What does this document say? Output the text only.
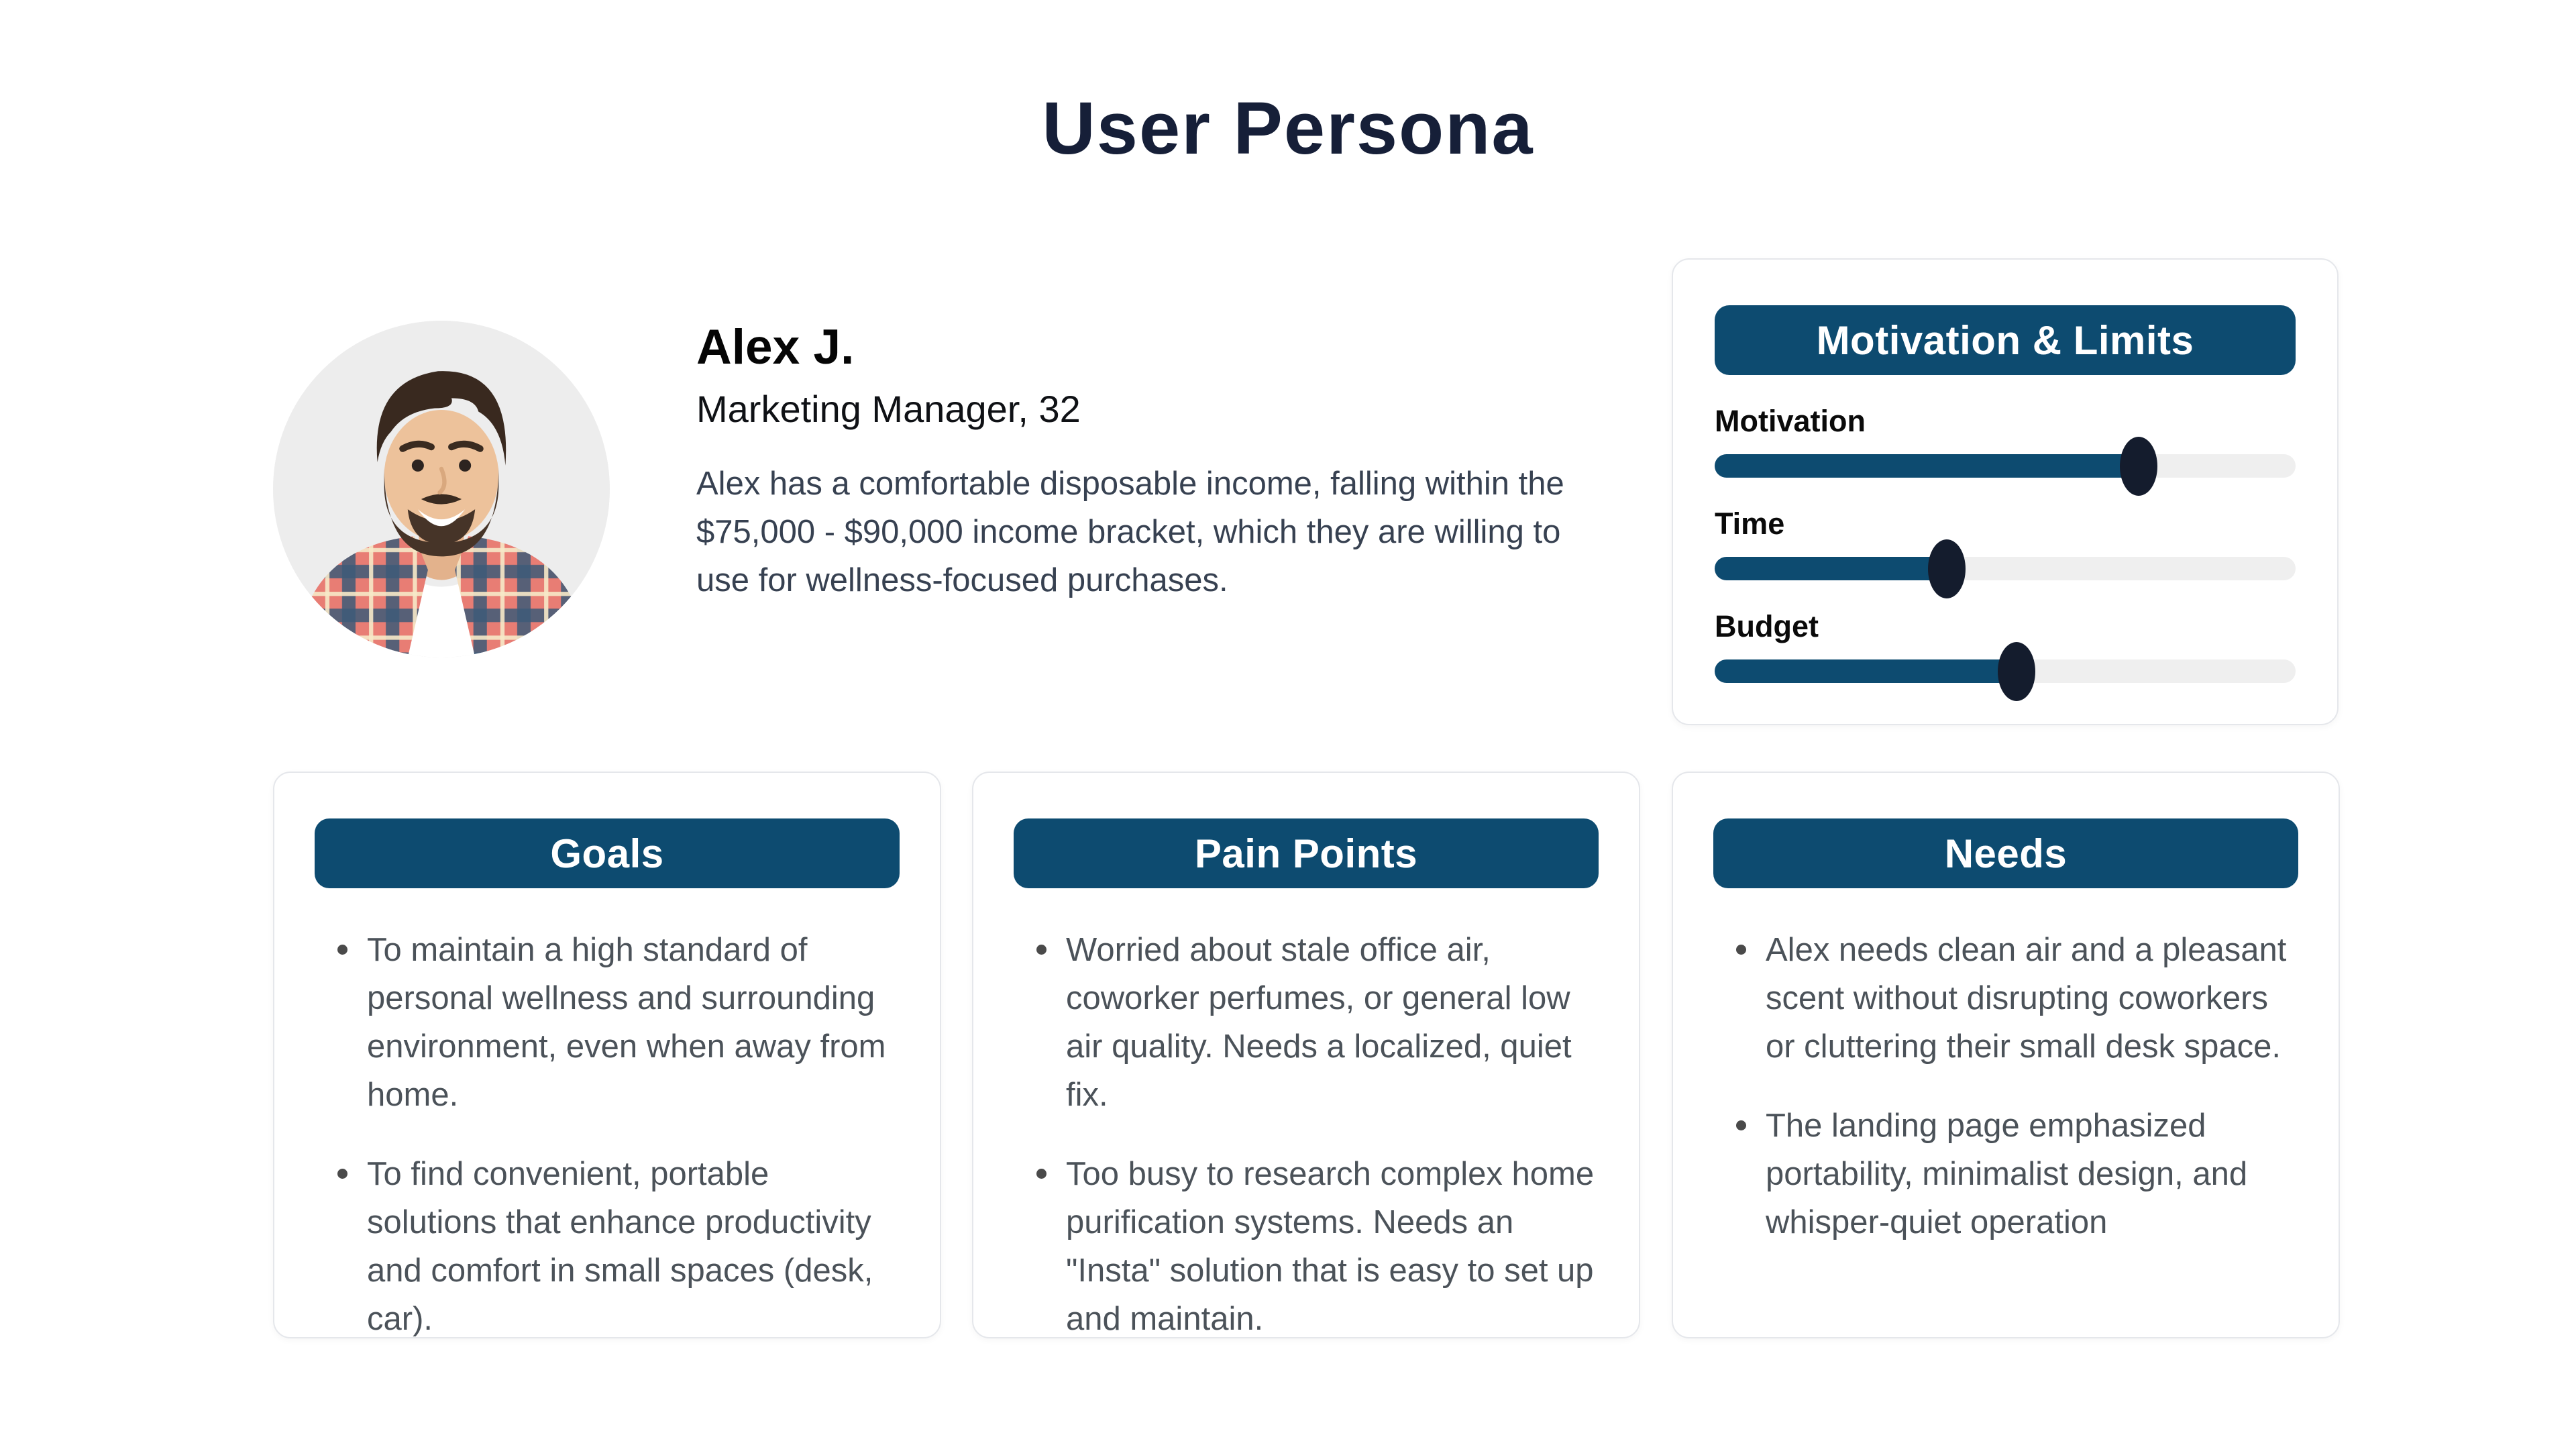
User Persona
Alex J.
Marketing Manager, 32

Alex has a comfortable disposable income, falling within the $75,000 - $90,000 income bracket, which they are willing to use for wellness-focused purchases.

Motivation & Limits
Motivation
Time
Budget
Goals
To maintain a high standard of personal wellness and surrounding environment, even when away from home.
To find convenient, portable solutions that enhance productivity and comfort in small spaces (desk, car).
Pain Points
Worried about stale office air, coworker perfumes, or general low air quality. Needs a localized, quiet fix.
Too busy to research complex home purification systems. Needs an "Insta" solution that is easy to set up and maintain.
Needs
Alex needs clean air and a pleasant scent without disrupting coworkers or cluttering their small desk space.
The landing page emphasized portability, minimalist design, and whisper-quiet operation
